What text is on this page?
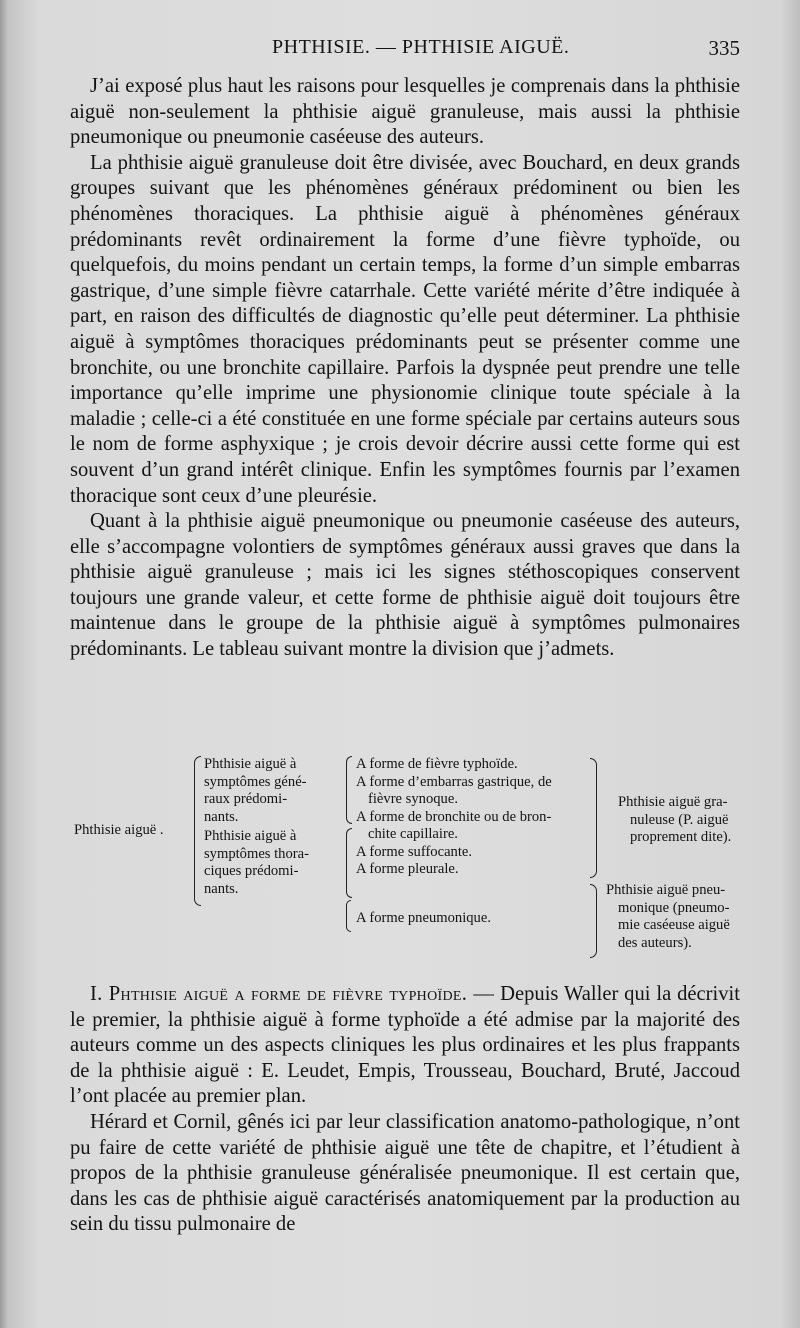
PHTHISIE. — PHTHISIE AIGUË.	335

J’ai exposé plus haut les raisons pour lesquelles je comprenais dans la phthisie aiguë non-seulement la phthisie aiguë granuleuse, mais aussi la phthisie pneumonique ou pneumonie caséeuse des auteurs.

La phthisie aiguë granuleuse doit être divisée, avec Bouchard, en deux grands groupes suivant que les phénomènes généraux prédominent ou bien les phénomènes thoraciques. La phthisie aiguë à phénomènes généraux prédominants revêt ordinairement la forme d’une fièvre typhoïde, ou quelquefois, du moins pendant un certain temps, la forme d’un simple embarras gastrique, d’une simple fièvre catarrhale. Cette variété mérite d’être indiquée à part, en raison des difficultés de diagnostic qu’elle peut déterminer. La phthisie aiguë à symptômes thoraciques prédominants peut se présenter comme une bronchite, ou une bronchite capillaire. Parfois la dyspnée peut prendre une telle importance qu’elle imprime une physionomie clinique toute spéciale à la maladie ; celle-ci a été constituée en une forme spéciale par certains auteurs sous le nom de forme asphyxique ; je crois devoir décrire aussi cette forme qui est souvent d’un grand intérêt clinique. Enfin les symptômes fournis par l’examen thoracique sont ceux d’une pleurésie.

Quant à la phthisie aiguë pneumonique ou pneumonie caséeuse des auteurs, elle s’accompagne volontiers de symptômes généraux aussi graves que dans la phthisie aiguë granuleuse ; mais ici les signes stéthoscopiques conservent toujours une grande valeur, et cette forme de phthisie aiguë doit toujours être maintenue dans le groupe de la phthisie aiguë à symptômes pulmonaires prédominants. Le tableau suivant montre la division que j’admets.

Phthisie aiguë .
Phthisie aiguë à
symptômes géné-
raux prédomi-
nants.
Phthisie aiguë à
symptômes thora-
ciques prédomi-
nants.
A forme de fièvre typhoïde.
A forme d’embarras gastrique, de
fièvre synoque.
A forme de bronchite ou de bron-
chite capillaire.
A forme suffocante.
A forme pleurale.
A forme pneumonique.
Phthisie aiguë gra-
nuleuse (P. aiguë
proprement dite).
Phthisie aiguë pneu-
monique (pneumo-
mie caséeuse aiguë
des auteurs).

I. Phthisie aiguë a forme de fièvre typhoïde. — Depuis Waller qui la décrivit le premier, la phthisie aiguë à forme typhoïde a été admise par la majorité des auteurs comme un des aspects cliniques les plus ordinaires et les plus frappants de la phthisie aiguë : E. Leudet, Empis, Trousseau, Bouchard, Bruté, Jaccoud l’ont placée au premier plan.

Hérard et Cornil, gênés ici par leur classification anatomo-pathologique, n’ont pu faire de cette variété de phthisie aiguë une tête de chapitre, et l’étudient à propos de la phthisie granuleuse généralisée pneumonique. Il est certain que, dans les cas de phthisie aiguë caractérisés anatomiquement par la production au sein du tissu pulmonaire de
